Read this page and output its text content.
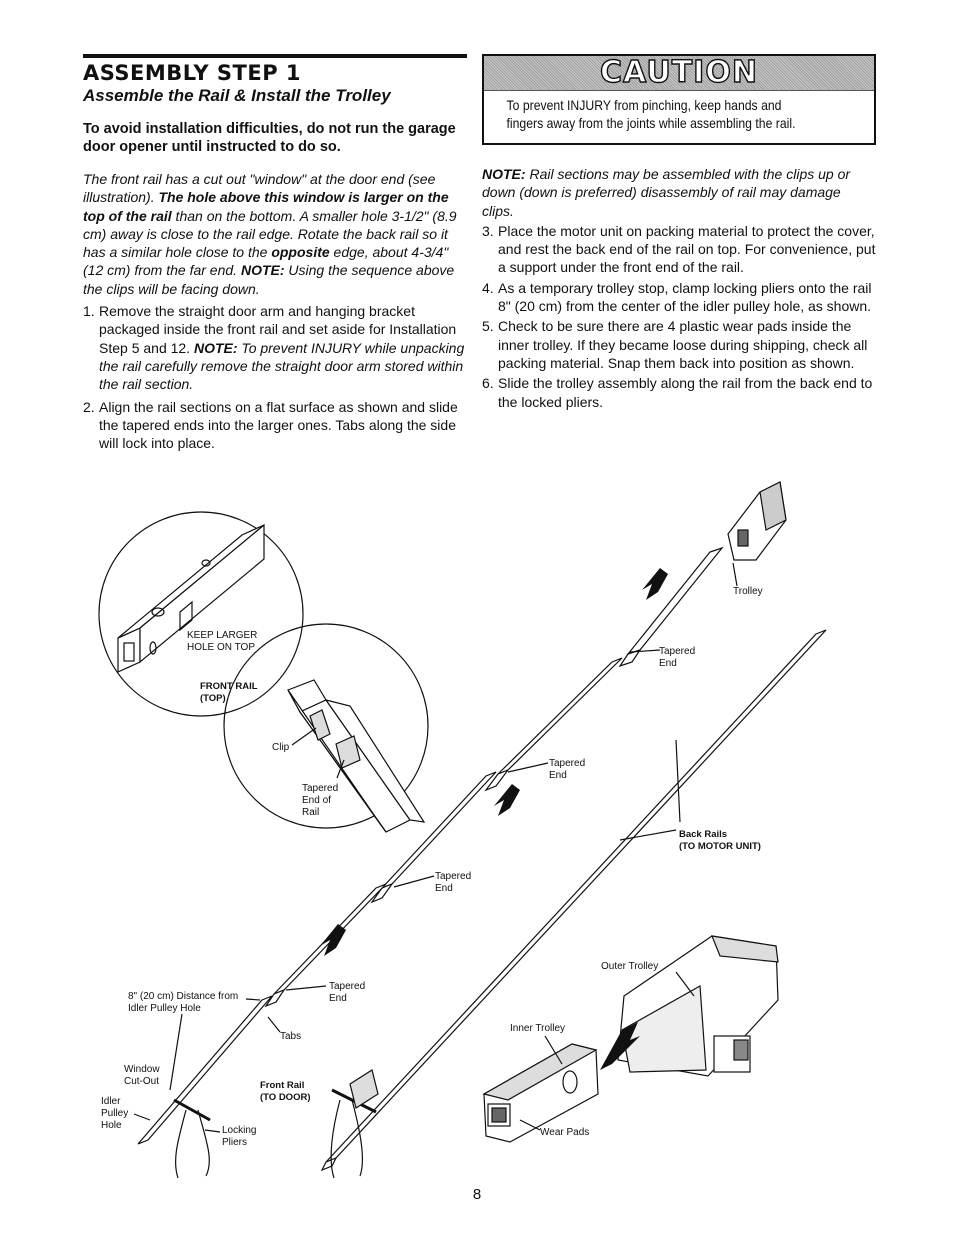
ASSEMBLY STEP 1
Assemble the Rail & Install the Trolley
To avoid installation difficulties, do not run the garage door opener until instructed to do so.
The front rail has a cut out "window" at the door end (see illustration). The hole above this window is larger on the top of the rail than on the bottom. A smaller hole 3-1/2" (8.9 cm) away is close to the rail edge. Rotate the back rail so it has a similar hole close to the opposite edge, about 4-3/4" (12 cm) from the far end. NOTE: Using the sequence above the clips will be facing down.
1. Remove the straight door arm and hanging bracket packaged inside the front rail and set aside for Installation Step 5 and 12. NOTE: To prevent INJURY while unpacking the rail carefully remove the straight door arm stored within the rail section.
2. Align the rail sections on a flat surface as shown and slide the tapered ends into the larger ones. Tabs along the side will lock into place.
CAUTION
To prevent INJURY from pinching, keep hands and
fingers away from the joints while assembling the rail.
NOTE: Rail sections may be assembled with the clips up or down (down is preferred) disassembly of rail may damage clips.
3. Place the motor unit on packing material to protect the cover, and rest the back end of the rail on top. For convenience, put a support under the front end of the rail.
4. As a temporary trolley stop, clamp locking pliers onto the rail 8" (20 cm) from the center of the idler pulley hole, as shown.
5. Check to be sure there are 4 plastic wear pads inside the inner trolley. If they became loose during shipping, check all packing material. Snap them back into position as shown.
6. Slide the trolley assembly along the rail from the back end to the locked pliers.
KEEP LARGER
HOLE ON TOP
FRONT RAIL
(TOP)
Clip
Tapered
End of
Rail
Trolley
Tapered
End
Tapered
End
Tapered
End
Tapered
End
Back Rails
(TO MOTOR UNIT)
8" (20 cm) Distance from
Idler Pulley Hole
Tabs
Window
Cut-Out
Idler
Pulley
Hole
Front Rail
(TO DOOR)
Locking
Pliers
Outer Trolley
Inner Trolley
Wear Pads
8
